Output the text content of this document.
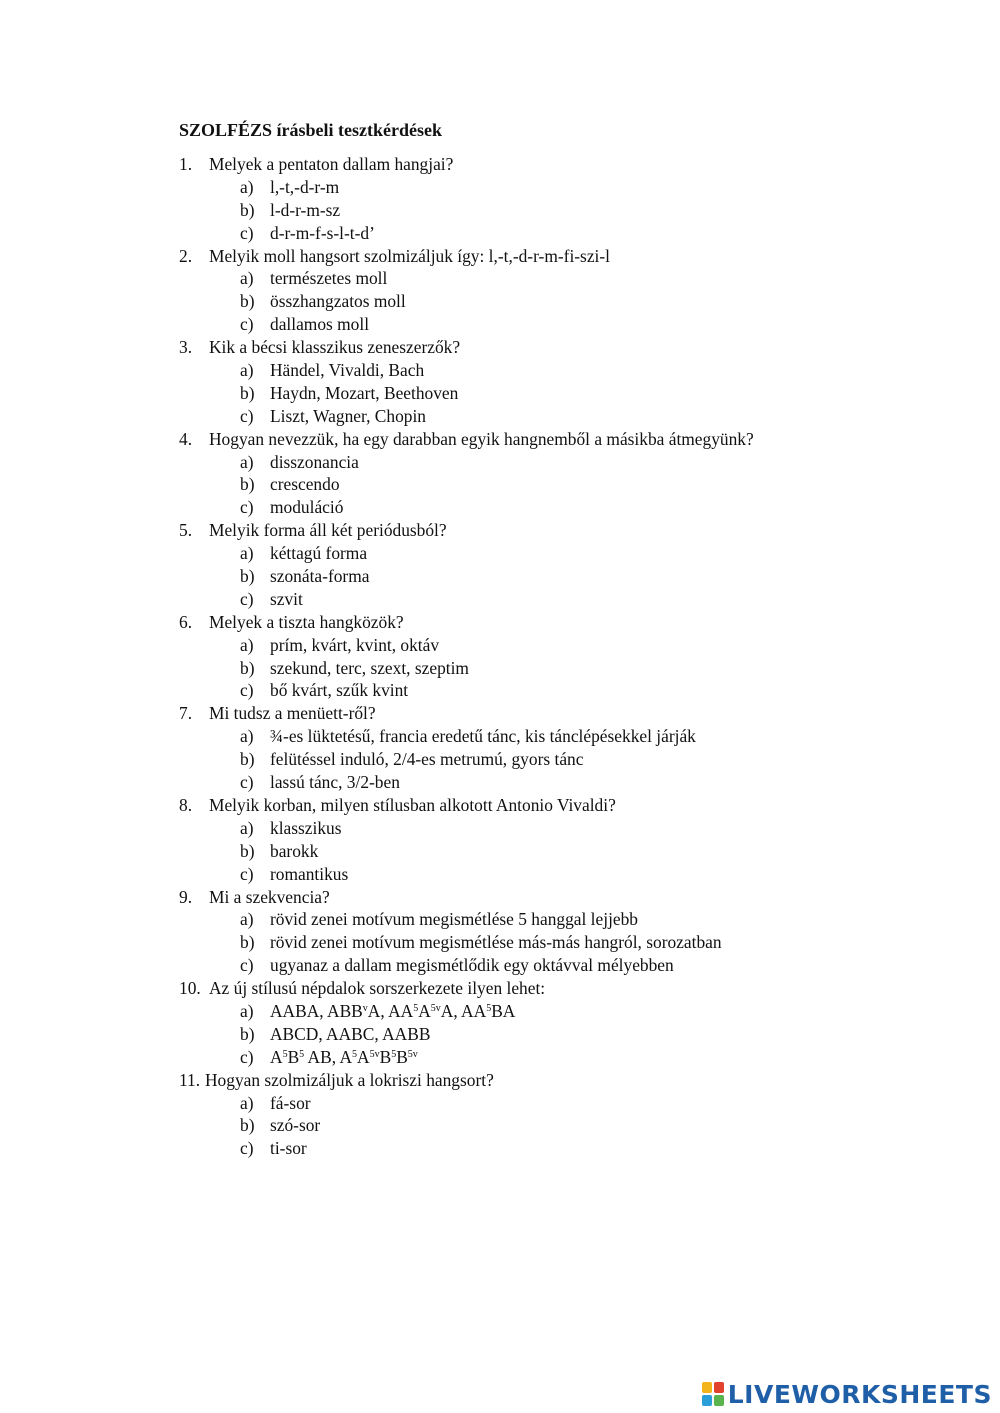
SZOLFÉZS írásbeli tesztkérdések
1. Melyek a pentaton dallam hangjai?
a) l,-t,-d-r-m
b) l-d-r-m-sz
c) d-r-m-f-s-l-t-d’
2. Melyik moll hangsort szolmizáljuk így: l,-t,-d-r-m-fi-szi-l
a) természetes moll
b) összhangzatos moll
c) dallamos moll
3. Kik a bécsi klasszikus zeneszerzők?
a) Händel, Vivaldi, Bach
b) Haydn, Mozart, Beethoven
c) Liszt, Wagner, Chopin
4. Hogyan nevezzük, ha egy darabban egyik hangnemből a másikba átmegyünk?
a) disszonancia
b) crescendo
c) moduláció
5. Melyik forma áll két periódusból?
a) kéttagú forma
b) szonáta-forma
c) szvit
6. Melyek a tiszta hangközök?
a) prím, kvárt, kvint, oktáv
b) szekund, terc, szext, szeptim
c) bő kvárt, szűk kvint
7. Mi tudsz a menüett-ről?
a) ¾-es lüktetésű, francia eredetű tánc, kis tánclépésekkel járják
b) felütéssel induló, 2/4-es metrumú, gyors tánc
c) lassú tánc, 3/2-ben
8. Melyik korban, milyen stílusban alkotott Antonio Vivaldi?
a) klasszikus
b) barokk
c) romantikus
9. Mi a szekvencia?
a) rövid zenei motívum megismétlése 5 hanggal lejjebb
b) rövid zenei motívum megismétlése más-más hangról, sorozatban
c) ugyanaz a dallam megismétlődik egy oktávval mélyebben
10. Az új stílusú népdalok sorszerkezete ilyen lehet:
a) AABA, ABB$^v$A, $AA^5A^{5v}A$, $AA^5BA$
b) ABCD, AABC, AABB
c) $A^5B^5$ AB, $A^5A^{5v}B^5B^{5v}$
11. Hogyan szolmizáljuk a lokriszi hangsort?
a) fá-sor
b) szó-sor
c) ti-sor
LIVEWORKSHEETS
